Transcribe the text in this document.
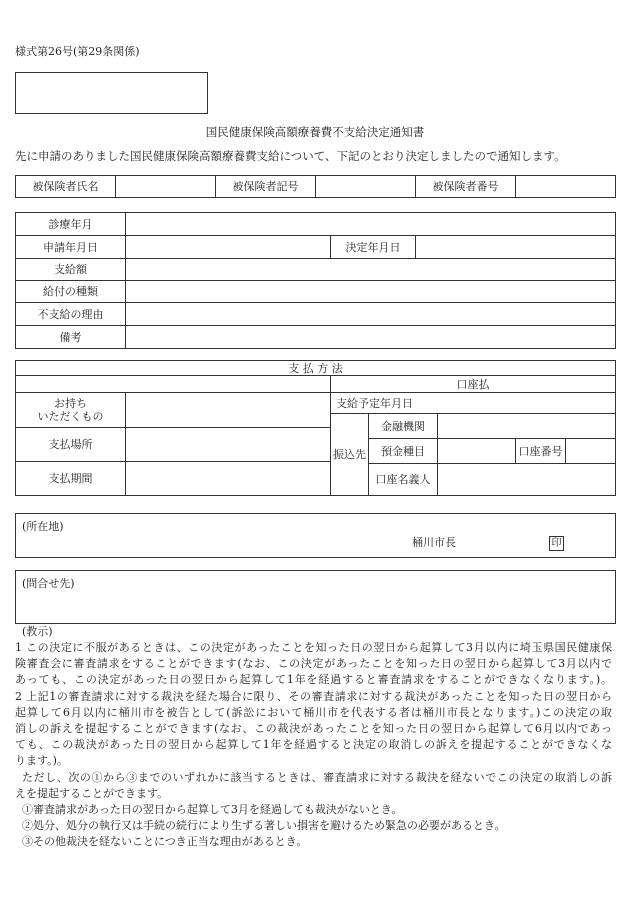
様式第26号(第29条関係)
国民健康保険高額療養費不支給決定通知書
先に申請のありました国民健康保険高額療養費支給について、下記のとおり決定しましたので通知します。
被保険者氏名	被保険者記号	被保険者番号
診療年月
申請年月日	決定年月日
支給額
給付の種類
不支給の理由
備考
支 払 方 法
口座払
お持ち
いただくもの
支払場所
支払期間
支給予定年月日
振込先
金融機関
預金種目	口座番号
口座名義人
(所在地)
桶川市長	印
(問合せ先)
(教示)
1 この決定に不服があるときは、この決定があったことを知った日の翌日から起算して3月以内に埼玉県国民健康保
険審査会に審査請求をすることができます(なお、この決定があったことを知った日の翌日から起算して3月以内で
あっても、この決定があった日の翌日から起算して1年を経過すると審査請求をすることができなくなります。)。
2 上記1の審査請求に対する裁決を経た場合に限り、その審査請求に対する裁決があったことを知った日の翌日から
起算して6月以内に桶川市を被告として(訴訟において桶川市を代表する者は桶川市長となります。)この決定の取
消しの訴えを提起することができます(なお、この裁決があったことを知った日の翌日から起算して6月以内であっ
ても、この裁決があった日の翌日から起算して1年を経過すると決定の取消しの訴えを提起することができなくな
ります。)。
ただし、次の①から③までのいずれかに該当するときは、審査請求に対する裁決を経ないでこの決定の取消しの訴
えを提起することができます。
①審査請求があった日の翌日から起算して3月を経過しても裁決がないとき。
②処分、処分の執行又は手続の続行により生ずる著しい損害を避けるため緊急の必要があるとき。
③その他裁決を経ないことにつき正当な理由があるとき。
